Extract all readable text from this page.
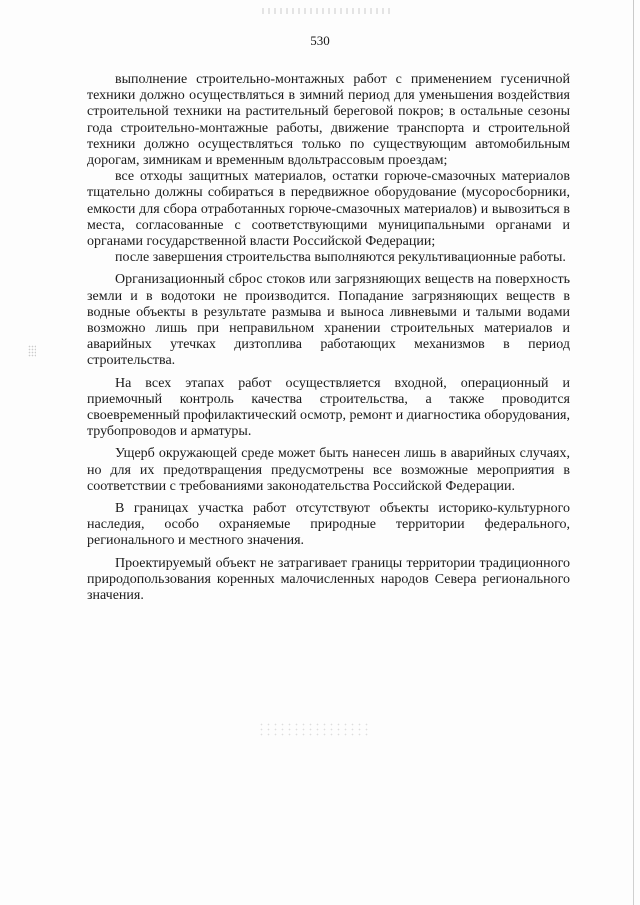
530

выполнение строительно-монтажных работ с применением гусеничной техники должно осуществляться в зимний период для уменьшения воздействия строительной техники на растительный береговой покров; в остальные сезоны года строительно-монтажные работы, движение транспорта и строительной техники должно осуществляться только по существующим автомобильным дорогам, зимникам и временным вдольтрассовым проездам;

все отходы защитных материалов, остатки горюче-смазочных материалов тщательно должны собираться в передвижное оборудование (мусоросборники, емкости для сбора отработанных горюче-смазочных материалов) и вывозиться в места, согласованные с соответствующими муниципальными органами и органами государственной власти Российской Федерации;

после завершения строительства выполняются рекультивационные работы.

Организационный сброс стоков или загрязняющих веществ на поверхность земли и в водотоки не производится. Попадание загрязняющих веществ в водные объекты в результате размыва и выноса ливневыми и талыми водами возможно лишь при неправильном хранении строительных материалов и аварийных утечках дизтоплива работающих механизмов в период строительства.

На всех этапах работ осуществляется входной, операционный и приемочный контроль качества строительства, а также проводится своевременный профилактический осмотр, ремонт и диагностика оборудования, трубопроводов и арматуры.

Ущерб окружающей среде может быть нанесен лишь в аварийных случаях, но для их предотвращения предусмотрены все возможные мероприятия в соответствии с требованиями законодательства Российской Федерации.

В границах участка работ отсутствуют объекты историко-культурного наследия, особо охраняемые природные территории федерального, регионального и местного значения.

Проектируемый объект не затрагивает границы территории традиционного природопользования коренных малочисленных народов Севера регионального значения.
